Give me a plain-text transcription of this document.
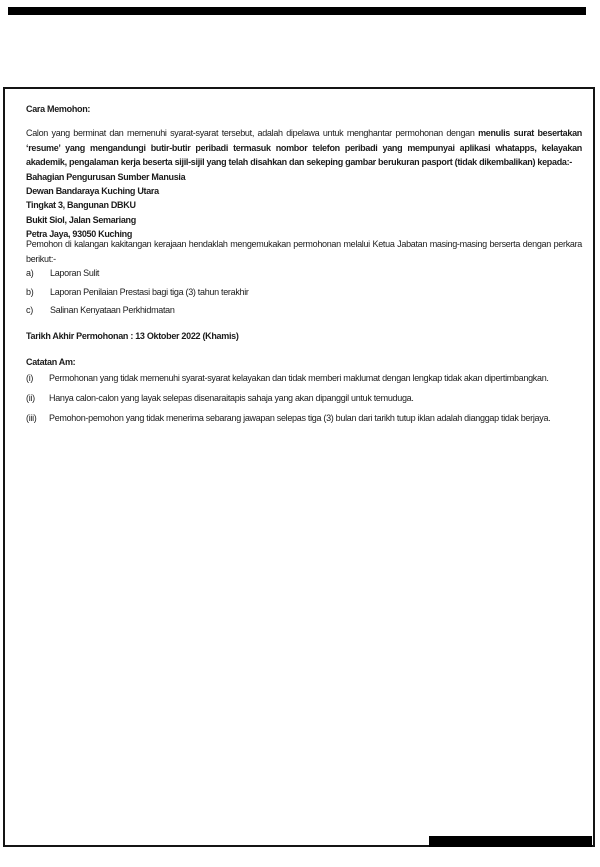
Cara Memohon:
Calon yang berminat dan memenuhi syarat-syarat tersebut, adalah dipelawa untuk menghantar permohonan dengan menulis surat besertakan ‘resume’ yang mengandungi butir-butir peribadi termasuk nombor telefon peribadi yang mempunyai aplikasi whatapps, kelayakan akademik, pengalaman kerja beserta sijil-sijil yang telah disahkan dan sekeping gambar berukuran pasport (tidak dikembalikan) kepada:-
Bahagian Pengurusan Sumber Manusia
Dewan Bandaraya Kuching Utara
Tingkat 3, Bangunan DBKU
Bukit Siol, Jalan Semariang
Petra Jaya, 93050 Kuching
Pemohon di kalangan kakitangan kerajaan hendaklah mengemukakan permohonan melalui Ketua Jabatan masing-masing berserta dengan perkara berikut:-
a)	Laporan Sulit
b)	Laporan Penilaian Prestasi bagi tiga (3) tahun terakhir
c)	Salinan Kenyataan Perkhidmatan
Tarikh Akhir Permohonan : 13 Oktober 2022 (Khamis)
Catatan Am:
(i)	Permohonan yang tidak memenuhi syarat-syarat kelayakan dan tidak memberi maklumat dengan lengkap tidak akan dipertimbangkan.
(ii)	Hanya calon-calon yang layak selepas disenaraitapis sahaja yang akan dipanggil untuk temuduga.
(iii)	Pemohon-pemohon yang tidak menerima sebarang jawapan selepas tiga (3) bulan dari tarikh tutup iklan adalah dianggap tidak berjaya.
